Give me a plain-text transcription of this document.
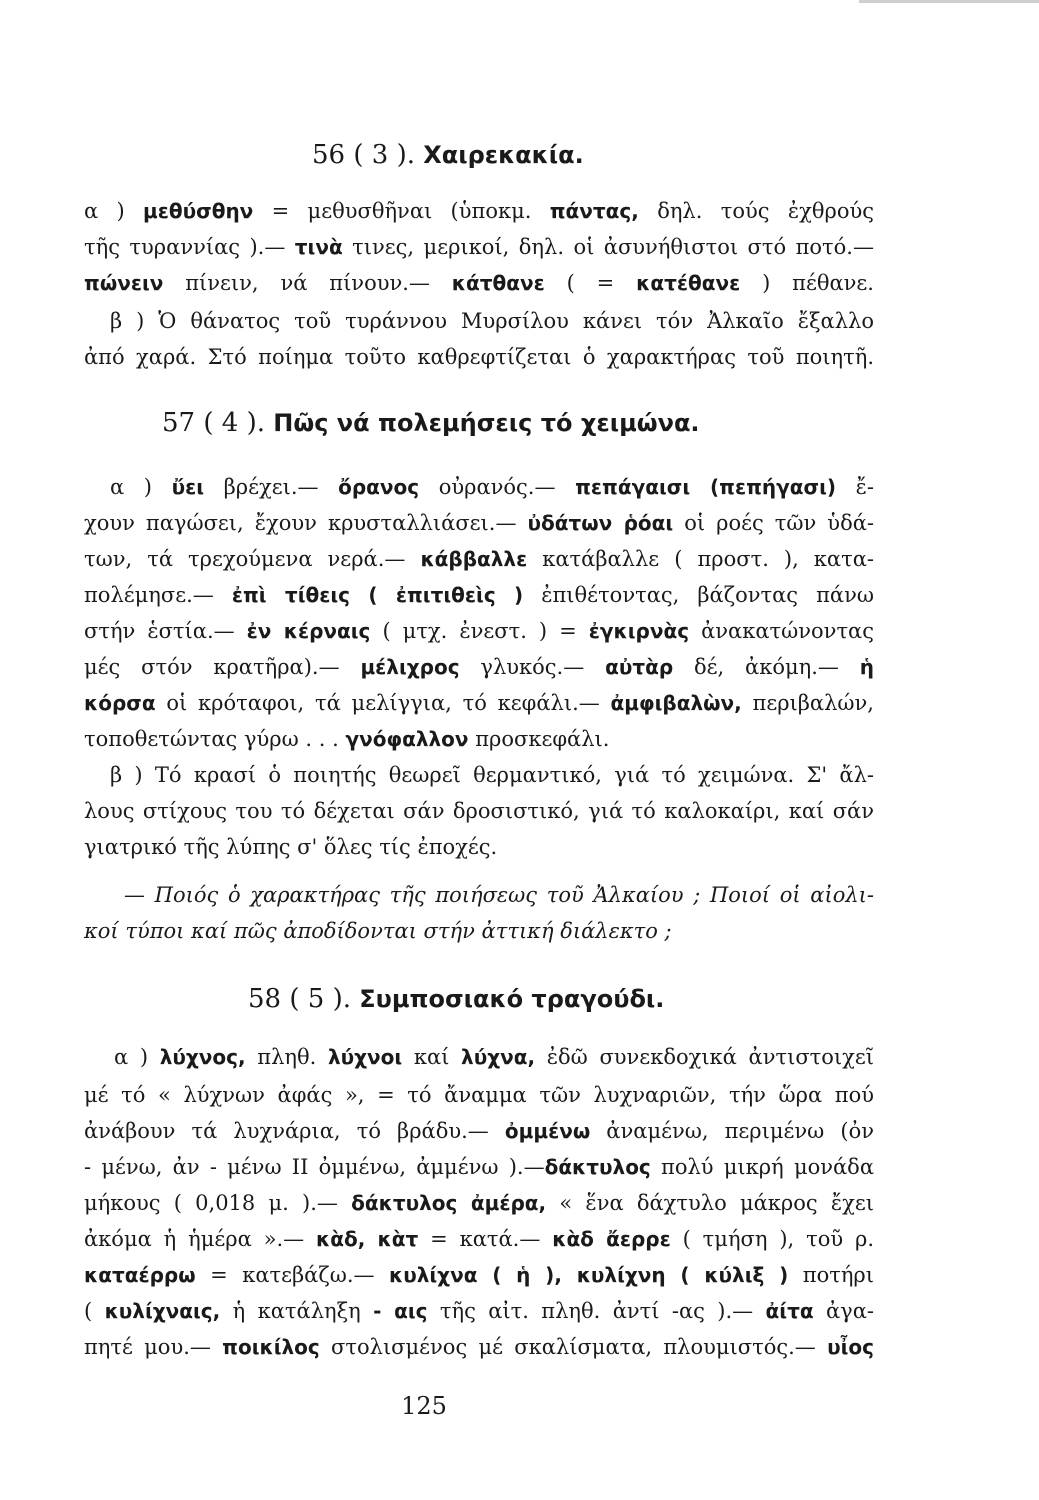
56 ( 3 ). Χαιρεκακία.
α ) μεθύσθην = μεθυσθῆναι (ὑποκμ. πάντας, δηλ. τούς ἐχθρούς
τῆς τυραννίας ).— τινὰ τινες, μερικοί, δηλ. οἱ ἀσυνήθιστοι στό ποτό.—
πώνειν πίνειν, νά πίνουν.— κάτθανε ( = κατέθανε ) πέθανε.
β ) Ὁ θάνατος τοῦ τυράννου Μυρσίλου κάνει τόν Ἀλκαῖο ἔξαλλο
ἀπό χαρά. Στό ποίημα τοῦτο καθρεφτίζεται ὁ χαρακτήρας τοῦ ποιητῆ.
57 ( 4 ). Πῶς νά πολεμήσεις τό χειμώνα.
α ) ὔει βρέχει.— ὄρανος οὐρανός.— πεπάγαισι (πεπήγασι) ἔ-
χουν παγώσει, ἔχουν κρυσταλλιάσει.— ὐδάτων ῥόαι οἱ ροές τῶν ὑδά-
των, τά τρεχούμενα νερά.— κάββαλλε κατάβαλλε ( προστ. ), κατα-
πολέμησε.— ἐπὶ τίθεις ( ἐπιτιθεὶς ) ἐπιθέτοντας, βάζοντας πάνω
στήν ἑστία.— ἐν κέρναις ( μτχ. ἐνεστ. ) = ἐγκιρνὰς ἀνακατώνοντας
μές στόν κρατῆρα).— μέλιχρος γλυκός.— αὐτὰρ δέ, ἀκόμη.— ἡ
κόρσα οἱ κρόταφοι, τά μελίγγια, τό κεφάλι.— ἀμφιβαλὼν, περιβαλών,
τοποθετώντας γύρω . . . γνόφαλλον προσκεφάλι.
β ) Τό κρασί ὁ ποιητής θεωρεῖ θερμαντικό, γιά τό χειμώνα. Σ' ἄλ-
λους στίχους του τό δέχεται σάν δροσιστικό, γιά τό καλοκαίρι, καί σάν
γιατρικό τῆς λύπης σ' ὅλες τίς ἐποχές.
— Ποιός ὁ χαρακτήρας τῆς ποιήσεως τοῦ Ἀλκαίου ; Ποιοί οἱ αἰολι-
κοί τύποι καί πῶς ἀποδίδονται στήν ἀττική διάλεκτο ;
58 ( 5 ). Συμποσιακό τραγούδι.
α ) λύχνος, πληθ. λύχνοι καί λύχνα, ἐδῶ συνεκδοχικά ἀντιστοιχεῖ
μέ τό « λύχνων ἀφάς », = τό ἄναμμα τῶν λυχναριῶν, τήν ὥρα πού
ἀνάβουν τά λυχνάρια, τό βράδυ.— ὀμμένω ἀναμένω, περιμένω (ὀν
- μένω, ἀν - μένω ΙΙ ὀμμένω, ἀμμένω ).—δάκτυλος πολύ μικρή μονάδα
μήκους ( 0,018 μ. ).— δάκτυλος ἀμέρα, « ἕνα δάχτυλο μάκρος ἔχει
ἀκόμα ἡ ἡμέρα ».— κὰδ, κὰτ = κατά.— κὰδ ἄερρε ( τμήση ), τοῦ ρ.
καταέρρω = κατεβάζω.— κυλίχνα ( ἡ ), κυλίχνη ( κύλιξ ) ποτήρι
( κυλίχναις, ἡ κατάληξη - αις τῆς αἰτ. πληθ. ἀντί -ας ).— ἀίτα ἀγα-
πητέ μου.— ποικίλος στολισμένος μέ σκαλίσματα, πλουμιστός.— υἶος
125
